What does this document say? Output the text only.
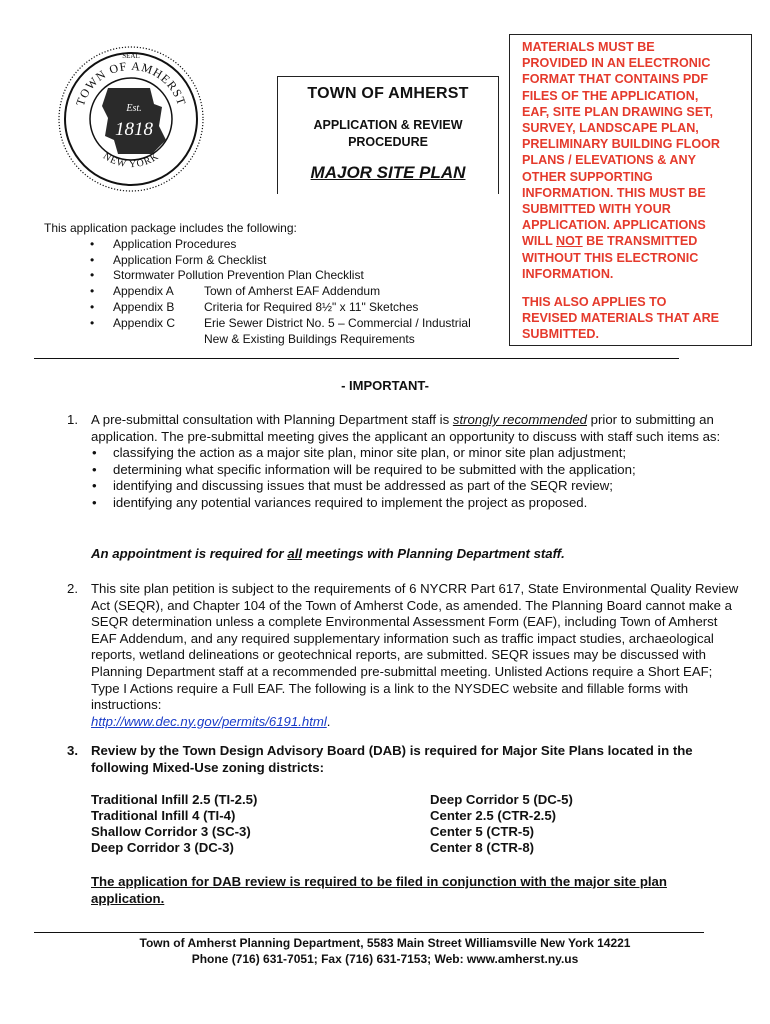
SEAL
TOWN OF AMHERST
NEW YORK
Est.
1818
TOWN OF AMHERST
APPLICATION & REVIEW
PROCEDURE
MAJOR SITE PLAN

MATERIALS MUST BE
PROVIDED IN AN ELECTRONIC
FORMAT THAT CONTAINS PDF
FILES OF THE APPLICATION,
EAF, SITE PLAN DRAWING SET,
SURVEY, LANDSCAPE PLAN,
PRELIMINARY BUILDING FLOOR
PLANS / ELEVATIONS & ANY
OTHER SUPPORTING
INFORMATION. THIS MUST BE
SUBMITTED WITH YOUR
APPLICATION. APPLICATIONS
WILL NOT BE TRANSMITTED
WITHOUT THIS ELECTRONIC
INFORMATION.

THIS ALSO APPLIES TO
REVISED MATERIALS THAT ARE
SUBMITTED.

This application package includes the following:
• Application Procedures
• Application Form & Checklist
• Stormwater Pollution Prevention Plan Checklist
• Appendix A	Town of Amherst EAF Addendum
• Appendix B Criteria for Required 8½" x 11" Sketches
• Appendix C Erie Sewer District No. 5 – Commercial / Industrial
New & Existing Buildings Requirements
- IMPORTANT-
1. A pre-submittal consultation with Planning Department staff is strongly recommended prior to submitting an application. The pre-submittal meeting gives the applicant an opportunity to discuss with staff such items as:
• classifying the action as a major site plan, minor site plan, or minor site plan adjustment;
• determining what specific information will be required to be submitted with the application;
• identifying and discussing issues that must be addressed as part of the SEQR review;
• identifying any potential variances required to implement the project as proposed.
An appointment is required for all meetings with Planning Department staff.
2. This site plan petition is subject to the requirements of 6 NYCRR Part 617, State Environmental Quality Review Act (SEQR), and Chapter 104 of the Town of Amherst Code, as amended. The Planning Board cannot make a SEQR determination unless a complete Environmental Assessment Form (EAF), including Town of Amherst EAF Addendum, and any required supplementary information such as traffic impact studies, archaeological reports, wetland delineations or geotechnical reports, are submitted. SEQR issues may be discussed with Planning Department staff at a recommended pre-submittal meeting. Unlisted Actions require a Short EAF; Type I Actions require a Full EAF. The following is a link to the NYSDEC website and fillable forms with instructions:
http://www.dec.ny.gov/permits/6191.html.
3. Review by the Town Design Advisory Board (DAB) is required for Major Site Plans located in the following Mixed-Use zoning districts:
Traditional Infill 2.5 (TI-2.5)
Traditional Infill 4 (TI-4)
Shallow Corridor 3 (SC-3)
Deep Corridor 3 (DC-3)
Deep Corridor 5 (DC-5)
Center 2.5 (CTR-2.5)
Center 5 (CTR-5)
Center 8 (CTR-8)
The application for DAB review is required to be filed in conjunction with the major site plan application.
Town of Amherst Planning Department, 5583 Main Street Williamsville New York 14221
Phone (716) 631-7051; Fax (716) 631-7153; Web: www.amherst.ny.us
